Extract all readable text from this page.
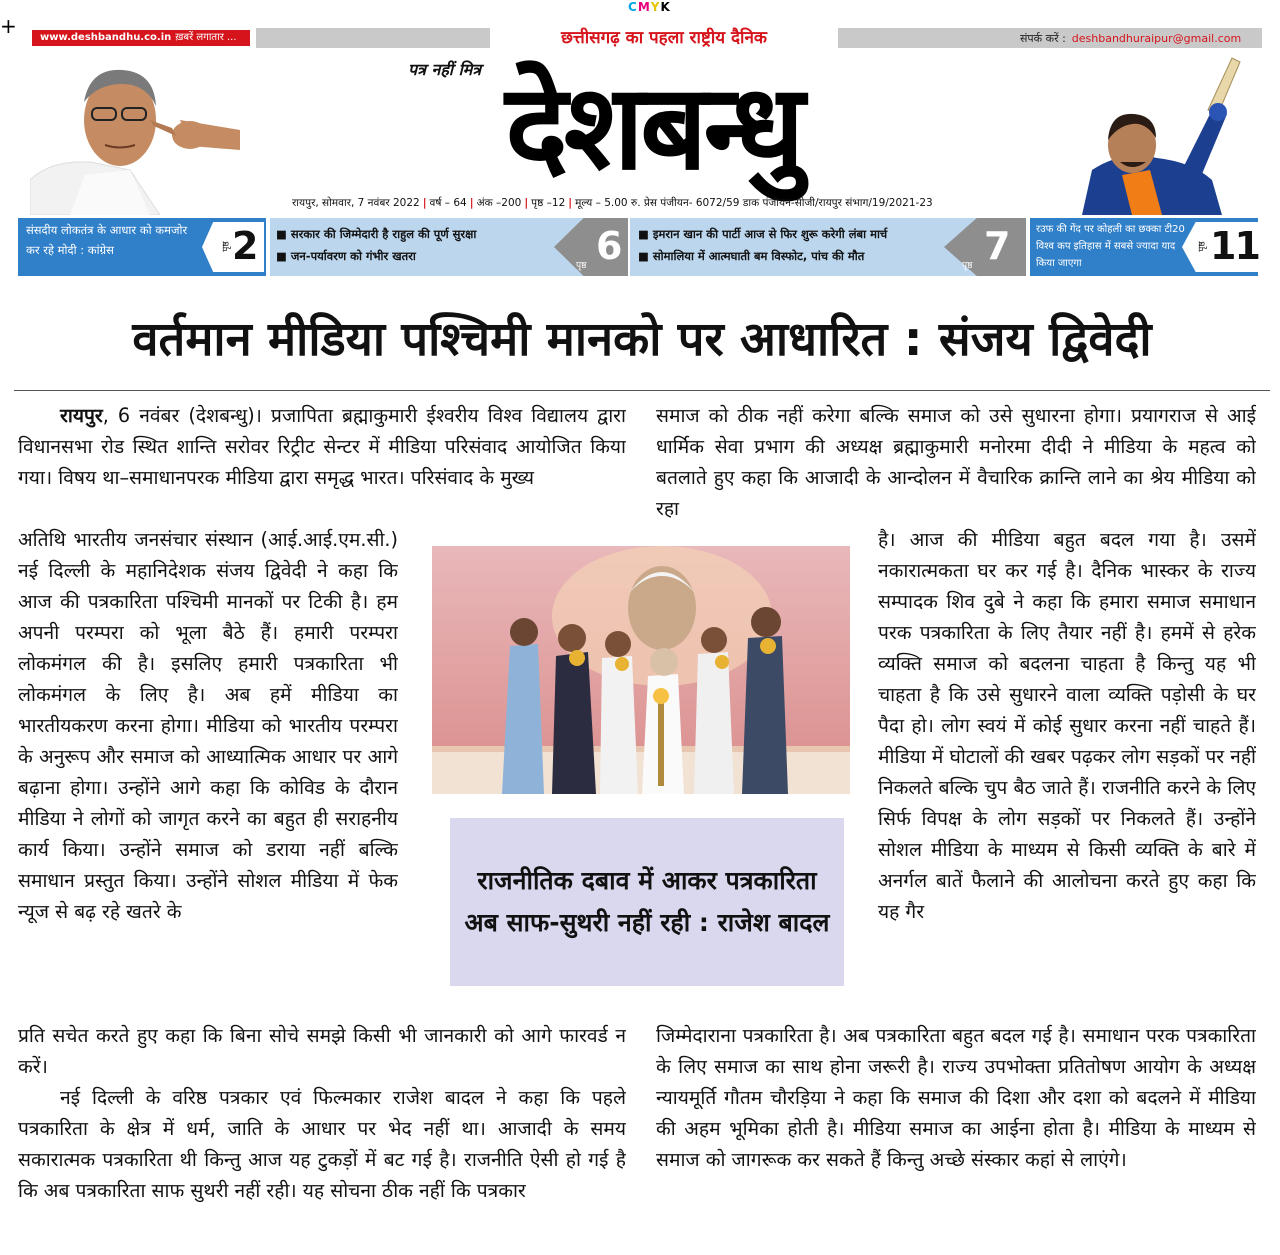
CMYK
+	www.deshbandhu.co.in ख़बरें लगातार ...	छत्तीसगढ़ का पहला राष्ट्रीय दैनिक	संपर्क करें : deshbandhuraipur@gmail.com
पत्र नहीं मित्र देशबन्धु
रायपुर, सोमवार, 7 नवंबर 2022 | वर्ष – 64 | अंक –200 | पृष्ठ –12 | मूल्य – 5.00 रु. प्रेस पंजीयन- 6072/59 डाक पंजीयन-सीजी/रायपुर संभाग/19/2021-23
संसदीय लोकतंत्र के आधार को कमजोर कर रहे मोदी : कांग्रेस	पृष्ठ 2 ■ सरकार की जिम्मेदारी है राहुल की पूर्ण सुरक्षा
■ जन-पर्यावरण को गंभीर खतरा	6
पृष्ठ
■ इमरान खान की पार्टी आज से फिर शुरू करेगी लंबा मार्च
■ सोमालिया में आत्मघाती बम विस्फोट, पांच की मौत	7
पृष्ठ
रउफ की गेंद पर कोहली का छक्का टी20 विश्व कप इतिहास में सबसे ज्यादा याद किया जाएगा
पृष्ठ 11
वर्तमान मीडिया पश्चिमी मानको पर आधारित : संजय द्विवेदी

रायपुर, 6 नवंबर (देशबन्धु)। प्रजापिता ब्रह्माकुमारी ईश्वरीय विश्व विद्यालय द्वारा विधानसभा रोड स्थित शान्ति सरोवर रिट्रीट सेन्टर में मीडिया परिसंवाद आयोजित किया गया। विषय था–समाधानपरक मीडिया द्वारा समृद्ध भारत। परिसंवाद के मुख्य

अतिथि भारतीय जनसंचार संस्थान (आई.आई.एम.सी.) नई दिल्ली के महानिदेशक संजय द्विवेदी ने कहा कि आज की पत्रकारिता पश्चिमी मानकों पर टिकी है। हम अपनी परम्परा को भूला बैठे हैं। हमारी परम्परा लोकमंगल की है। इसलिए हमारी पत्रकारिता भी लोकमंगल के लिए है। अब हमें मीडिया का भारतीयकरण करना होगा। मीडिया को भारतीय परम्परा के अनुरूप और समाज को आध्यात्मिक आधार पर आगे बढ़ाना होगा। उन्होंने आगे कहा कि कोविड के दौरान मीडिया ने लोगों को जागृत करने का बहुत ही सराहनीय कार्य किया। उन्होंने समाज को डराया नहीं बल्कि समाधान प्रस्तुत किया। उन्होंने सोशल मीडिया में फेक न्यूज से बढ़ रहे खतरे के

प्रति सचेत करते हुए कहा कि बिना सोचे समझे किसी भी जानकारी को आगे फारवर्ड न करें।

नई दिल्ली के वरिष्ठ पत्रकार एवं फिल्मकार राजेश बादल ने कहा कि पहले पत्रकारिता के क्षेत्र में धर्म, जाति के आधार पर भेद नहीं था। आजादी के समय सकारात्मक पत्रकारिता थी किन्तु आज यह टुकड़ों में बट गई है। राजनीति ऐसी हो गई है कि अब पत्रकारिता साफ सुथरी नहीं रही। यह सोचना ठीक नहीं कि पत्रकार

राजनीतिक दबाव में आकर पत्रकारिता अब साफ-सुथरी नहीं रही : राजेश बादल

समाज को ठीक नहीं करेगा बल्कि समाज को उसे सुधारना होगा। प्रयागराज से आई धार्मिक सेवा प्रभाग की अध्यक्ष ब्रह्माकुमारी मनोरमा दीदी ने मीडिया के महत्व को बतलाते हुए कहा कि आजादी के आन्दोलन में वैचारिक क्रान्ति लाने का श्रेय मीडिया को रहा

है। आज की मीडिया बहुत बदल गया है। उसमें नकारात्मकता घर कर गई है। दैनिक भास्कर के राज्य सम्पादक शिव दुबे ने कहा कि हमारा समाज समाधान परक पत्रकारिता के लिए तैयार नहीं है। हममें से हरेक व्यक्ति समाज को बदलना चाहता है किन्तु यह भी चाहता है कि उसे सुधारने वाला व्यक्ति पड़ोसी के घर पैदा हो। लोग स्वयं में कोई सुधार करना नहीं चाहते हैं। मीडिया में घोटालों की खबर पढ़कर लोग सड़कों पर नहीं निकलते बल्कि चुप बैठ जाते हैं। राजनीति करने के लिए सिर्फ विपक्ष के लोग सड़कों पर निकलते हैं। उन्होंने सोशल मीडिया के माध्यम से किसी व्यक्ति के बारे में अनर्गल बातें फैलाने की आलोचना करते हुए कहा कि यह गैर

जिम्मेदाराना पत्रकारिता है। अब पत्रकारिता बहुत बदल गई है। समाधान परक पत्रकारिता के लिए समाज का साथ होना जरूरी है। राज्य उपभोक्ता प्रतितोषण आयोग के अध्यक्ष न्यायमूर्ति गौतम चौरड़िया ने कहा कि समाज की दिशा और दशा को बदलने में मीडिया की अहम भूमिका होती है। मीडिया समाज का आईना होता है। मीडिया के माध्यम से समाज को जागरूक कर सकते हैं किन्तु अच्छे संस्कार कहां से लाएंगे।
